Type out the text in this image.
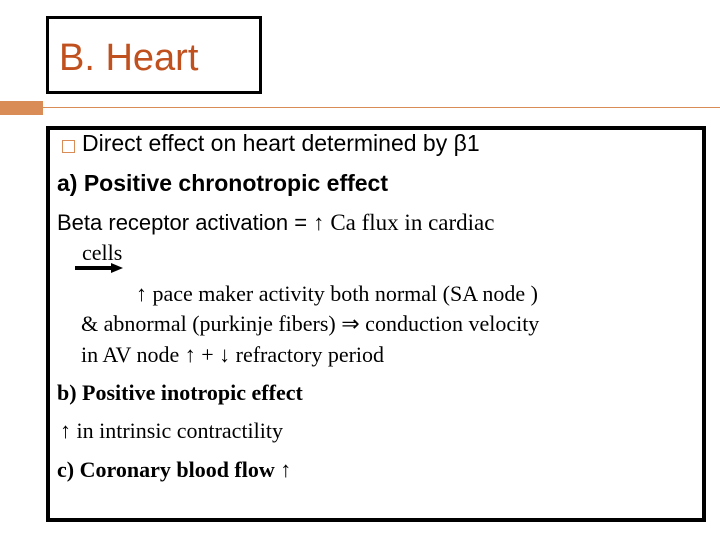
B. Heart
Direct effect on heart determined by β1
a) Positive chronotropic effect
Beta receptor activation = ↑ Ca flux in cardiac
cells
↑ pace maker activity both normal (SA node )
& abnormal (purkinje fibers) ⇒ conduction velocity
in AV node ↑ + ↓ refractory period
b) Positive inotropic effect
↑ in intrinsic contractility
c) Coronary blood flow ↑
